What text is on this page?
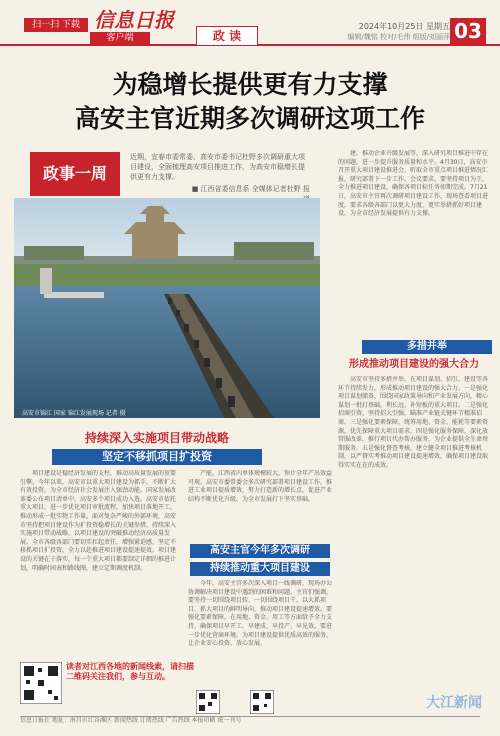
扫一扫 下载 信息日报
客户端	政 读
2024年10月25日 星期五
编辑/魏铭 校对/毛伟 组版/刘丽萍 03
为稳增长提供更有力支撑
高安主官近期多次调研这项工作
政事一周
近期，宜春市委常委、高安市委书记杜野多次调研重大项目建设，全面梳理高安项目推进工作，为高安市稳增长提供更有力支撑。
■ 江西省委信息系 全媒体记者杜野 报
高安市锦江 国家 锦江发展现场 记者 摄
持续深入实施项目带动战略
坚定不移抓项目扩投资
项目建设是稳经济发展的支柱，推动高质量发展的重要引擎。今年以来，高安市以重大项目建设为抓手，不断扩大有效投资，为全市经济社会发展注入强劲动能。国家发展改革委公布项目清单中，高安多个项目成功入选。高安市依托重大项目，进一步优化项目审批流程，加快项目落地开工，推动形成一批实物工作量。面对复杂严峻的外部环境，高安市坚持把项目建设作为扩投资稳增长的关键举措，持续深入实施项目带动战略，以项目建设的突破推动经济高质量发展。全市各级各部门要切实扛起责任，增强紧迫感，坚定不移抓项目扩投资，全力以赴推进项目建设提速提效。项目建设的关键在于落实，每一个重大项目都要制定详细的推进计划，明确时间表和路线图，建立定期调度机制。
产能，江西省内单体规模较大，预计全年产出效益可观。高安市委常委会多次研究部署项目建设工作，推进工业项目提质增效，努力打造新的增长点，促进产业结构不断优化升级，为全市发展打下坚实基础。
高安主官今年多次调研
持续推动重大项目建设
今年，高安主官多次深入项目一线调研，现场办公协调解决项目建设中遇到的困难和问题。主官们强调，要坚持一切围绕项目转、一切围绕项目干，以大抓项目、抓大项目的鲜明导向，推动项目建设提速增效。要强化要素保障，在用地、资金、用工等方面给予全力支持，确保项目早开工、早建成、早投产、早见效。要进一步优化营商环境，为项目建设提供优质高效的服务，让企业安心投资、放心发展。
建，推动企业升级发展等，深入研究项目推进中存在的问题，进一步提升服务质量和水平。4月30日，高安市召开重大项目建设推进会，听取全市重点项目推进情况汇报，研究部署下一步工作。会议要求，要坚持项目为王，全力推进项目建设，确保各项目标任务如期完成。7月21日，高安市主官再次调研项目建设工作，现场查看项目进度，要求各级各部门以更大力度、更实举措抓好项目建设，为全市经济发展提供有力支撑。
多措并举
形成推动项目建设的强大合力
高安市坚持多措并举，在项目谋划、招引、建设等各环节持续发力，形成推动项目建设的强大合力。一是强化项目谋划储备，围绕国家政策导向和产业发展方向，精心谋划一批打基础、利长远、补短板的重大项目。二是强化招商引资，坚持招大引强，瞄准产业链关键环节精准招商。三是强化要素保障，统筹用地、资金、能耗等要素资源，优先保障重大项目需求。四是强化服务保障，深化放管服改革，推行项目代办帮办服务，为企业提供全生命周期服务。五是强化督查考核，建立健全项目推进考核机制，以严督实考推动项目建设提速增效，确保项目建设取得实实在在的成效。
读者对江西各地的新闻线索，请扫描二维码关注我们，参与互动。
大江新闻
信息日报社 地址：南昌市红谷滩区 新闻热线 订阅热线 广告热线 本报印刷 统一刊号
